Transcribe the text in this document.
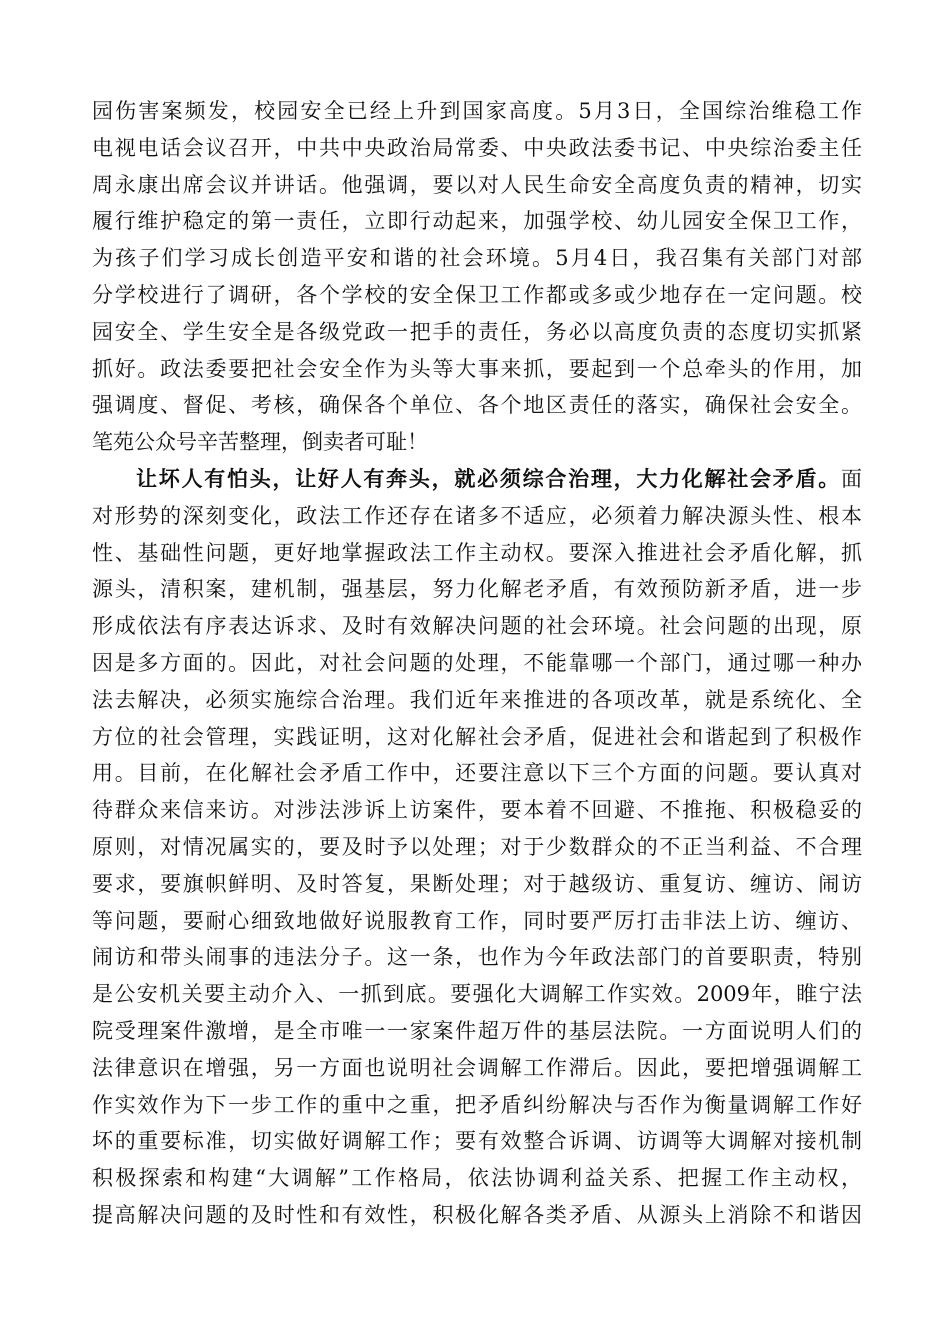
园伤害案频发，校园安全已经上升到国家高度。5月3日，全国综治维稳工作
电视电话会议召开，中共中央政治局常委、中央政法委书记、中央综治委主任
周永康出席会议并讲话。他强调，要以对人民生命安全高度负责的精神，切实
履行维护稳定的第一责任，立即行动起来，加强学校、幼儿园安全保卫工作，
为孩子们学习成长创造平安和谐的社会环境。5月4日，我召集有关部门对部
分学校进行了调研，各个学校的安全保卫工作都或多或少地存在一定问题。校
园安全、学生安全是各级党政一把手的责任，务必以高度负责的态度切实抓紧
抓好。政法委要把社会安全作为头等大事来抓，要起到一个总牵头的作用，加
强调度、督促、考核，确保各个单位、各个地区责任的落实，确保社会安全。
笔苑公众号辛苦整理，倒卖者可耻！
让坏人有怕头，让好人有奔头，就必须综合治理，大力化解社会矛盾。面
对形势的深刻变化，政法工作还存在诸多不适应，必须着力解决源头性、根本
性、基础性问题，更好地掌握政法工作主动权。要深入推进社会矛盾化解，抓
源头，清积案，建机制，强基层，努力化解老矛盾，有效预防新矛盾，进一步
形成依法有序表达诉求、及时有效解决问题的社会环境。社会问题的出现，原
因是多方面的。因此，对社会问题的处理，不能靠哪一个部门，通过哪一种办
法去解决，必须实施综合治理。我们近年来推进的各项改革，就是系统化、全
方位的社会管理，实践证明，这对化解社会矛盾，促进社会和谐起到了积极作
用。目前，在化解社会矛盾工作中，还要注意以下三个方面的问题。要认真对
待群众来信来访。对涉法涉诉上访案件，要本着不回避、不推拖、积极稳妥的
原则，对情况属实的，要及时予以处理；对于少数群众的不正当利益、不合理
要求，要旗帜鲜明、及时答复，果断处理；对于越级访、重复访、缠访、闹访
等问题，要耐心细致地做好说服教育工作，同时要严厉打击非法上访、缠访、
闹访和带头闹事的违法分子。这一条，也作为今年政法部门的首要职责，特别
是公安机关要主动介入、一抓到底。要强化大调解工作实效。2009年，睢宁法
院受理案件激增，是全市唯一一家案件超万件的基层法院。一方面说明人们的
法律意识在增强，另一方面也说明社会调解工作滞后。因此，要把增强调解工
作实效作为下一步工作的重中之重，把矛盾纠纷解决与否作为衡量调解工作好
坏的重要标准，切实做好调解工作；要有效整合诉调、访调等大调解对接机制
积极探索和构建“大调解”工作格局，依法协调利益关系、把握工作主动权，
提高解决问题的及时性和有效性，积极化解各类矛盾、从源头上消除不和谐因
